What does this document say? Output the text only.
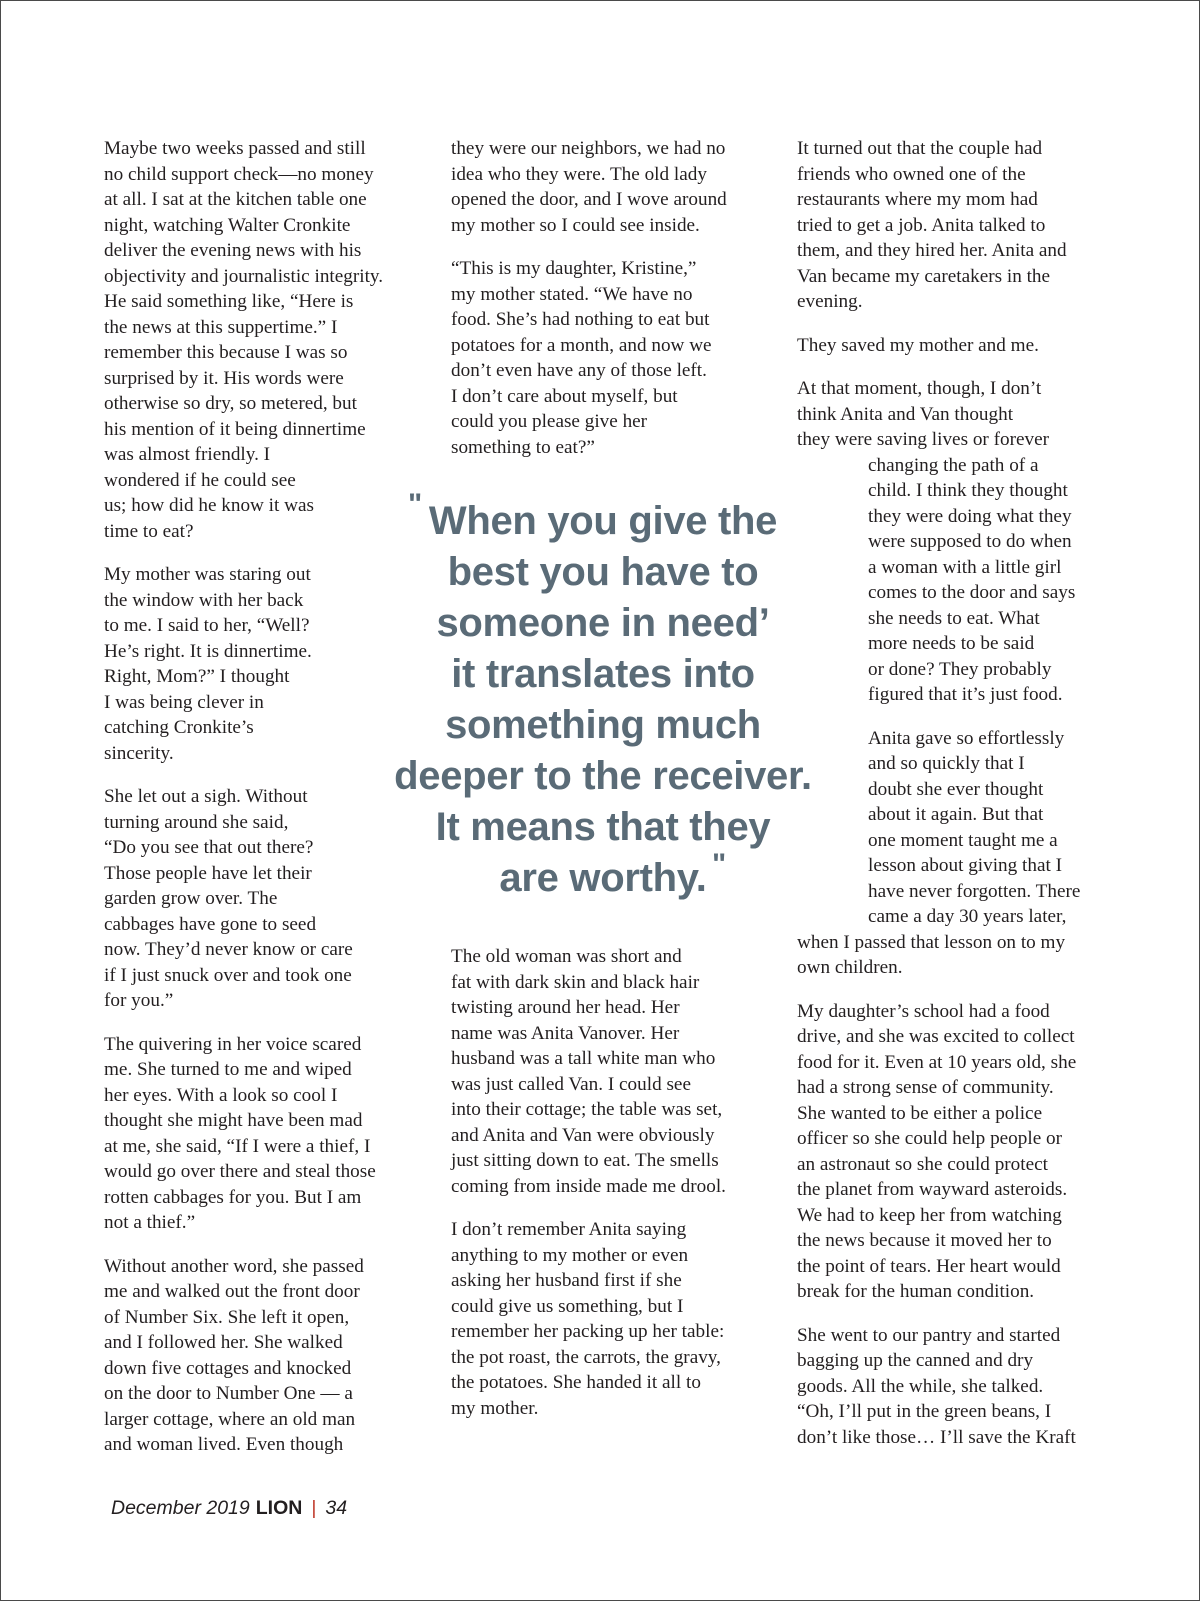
Maybe two weeks passed and still
no child support check—no money
at all. I sat at the kitchen table one
night, watching Walter Cronkite
deliver the evening news with his
objectivity and journalistic integrity.
He said something like, “Here is
the news at this suppertime.” I
remember this because I was so
surprised by it. His words were
otherwise so dry, so metered, but
his mention of it being dinnertime
was almost friendly. I
wondered if he could see
us; how did he know it was
time to eat?

My mother was staring out
the window with her back
to me. I said to her, “Well?
He’s right. It is dinnertime.
Right, Mom?” I thought
I was being clever in
catching Cronkite’s
sincerity.

She let out a sigh. Without
turning around she said,
“Do you see that out there?
Those people have let their
garden grow over. The
cabbages have gone to seed
now. They’d never know or care
if I just snuck over and took one
for you.”

The quivering in her voice scared
me. She turned to me and wiped
her eyes. With a look so cool I
thought she might have been mad
at me, she said, “If I were a thief, I
would go over there and steal those
rotten cabbages for you. But I am
not a thief.”

Without another word, she passed
me and walked out the front door
of Number Six. She left it open,
and I followed her. She walked
down five cottages and knocked
on the door to Number One — a
larger cottage, where an old man
and woman lived. Even though

they were our neighbors, we had no
idea who they were. The old lady
opened the door, and I wove around
my mother so I could see inside.

“This is my daughter, Kristine,”
my mother stated. “We have no
food. She’s had nothing to eat but
potatoes for a month, and now we
don’t even have any of those left.
I don’t care about myself, but
could you please give her
something to eat?”

" When you give the
best you have to
someone in need’
it translates into
something much
deeper to the receiver.
It means that they
are worthy. "

The old woman was short and
fat with dark skin and black hair
twisting around her head. Her
name was Anita Vanover. Her
husband was a tall white man who
was just called Van. I could see
into their cottage; the table was set,
and Anita and Van were obviously
just sitting down to eat. The smells
coming from inside made me drool.

I don’t remember Anita saying
anything to my mother or even
asking her husband first if she
could give us something, but I
remember her packing up her table:
the pot roast, the carrots, the gravy,
the potatoes. She handed it all to
my mother.

It turned out that the couple had
friends who owned one of the
restaurants where my mom had
tried to get a job. Anita talked to
them, and they hired her. Anita and
Van became my caretakers in the
evening.

They saved my mother and me.

At that moment, though, I don’t
think Anita and Van thought
they were saving lives or forever

changing the path of a
child. I think they thought
they were doing what they
were supposed to do when
a woman with a little girl
comes to the door and says
she needs to eat. What
more needs to be said
or done? They probably
figured that it’s just food.

Anita gave so effortlessly
and so quickly that I
doubt she ever thought
about it again. But that
one moment taught me a
lesson about giving that I
have never forgotten. There
came a day 30 years later,

when I passed that lesson on to my
own children.

My daughter’s school had a food
drive, and she was excited to collect
food for it. Even at 10 years old, she
had a strong sense of community.
She wanted to be either a police
officer so she could help people or
an astronaut so she could protect
the planet from wayward asteroids.
We had to keep her from watching
the news because it moved her to
the point of tears. Her heart would
break for the human condition.

She went to our pantry and started
bagging up the canned and dry
goods. All the while, she talked.
“Oh, I’ll put in the green beans, I
don’t like those… I’ll save the Kraft

December 2019 LION | 34
